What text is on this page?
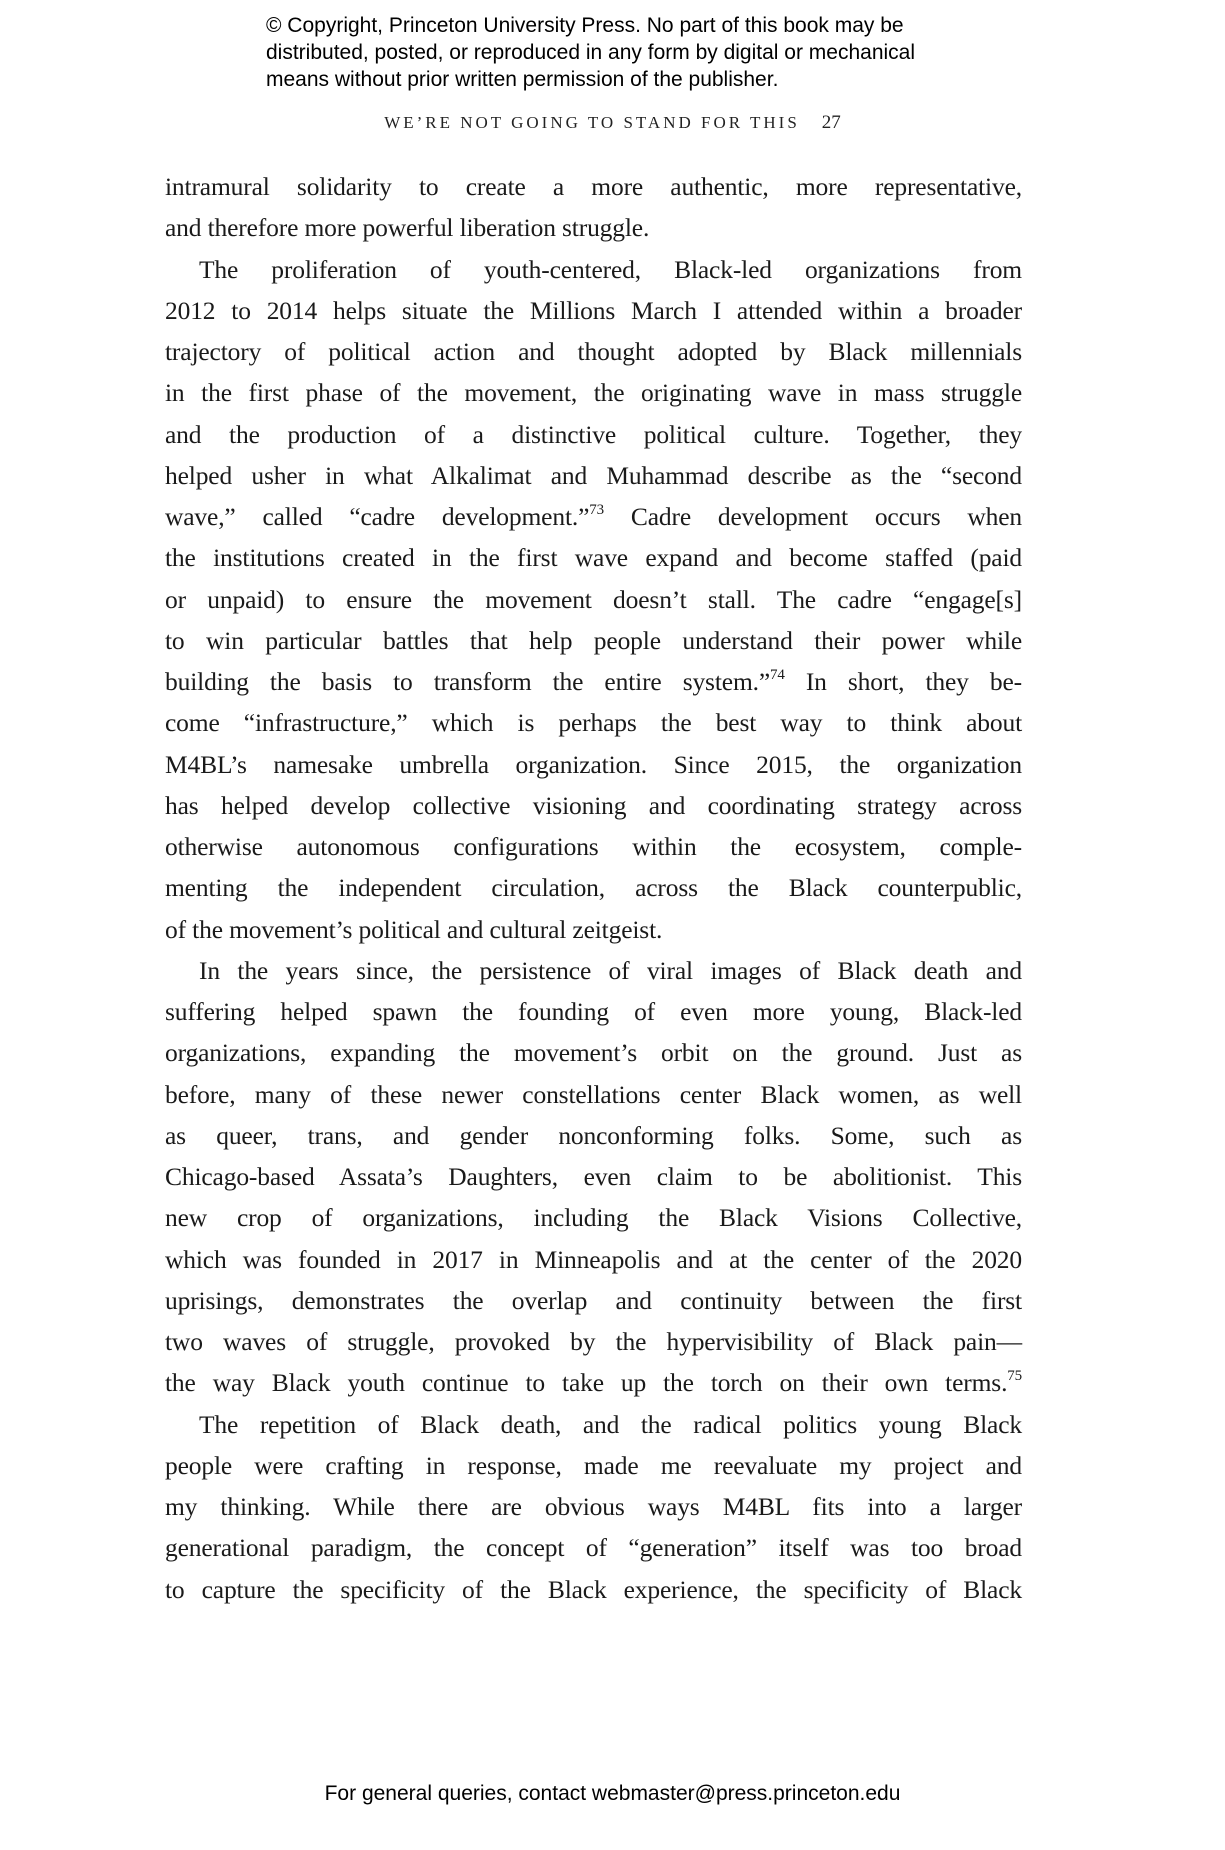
© Copyright, Princeton University Press. No part of this book may be
distributed, posted, or reproduced in any form by digital or mechanical
means without prior written permission of the publisher.
WE’RE NOT GOING TO STAND FOR THIS 27
intramural solidarity to create a more authentic, more representative,
and therefore more powerful liberation struggle.
The proliferation of youth-centered, Black-led organizations from
2012 to 2014 helps situate the Millions March I attended within a broader
trajectory of political action and thought adopted by Black millennials
in the first phase of the movement, the originating wave in mass struggle
and the production of a distinctive political culture. Together, they
helped usher in what Alkalimat and Muhammad describe as the “second
wave,” called “cadre development.”$^{73}$ Cadre development occurs when
the institutions created in the first wave expand and become staffed (paid
or unpaid) to ensure the movement doesn’t stall. The cadre “engage[s]
to win particular battles that help people understand their power while
building the basis to transform the entire system.”$^{74}$ In short, they be-
come “infrastructure,” which is perhaps the best way to think about
M4BL’s namesake umbrella organization. Since 2015, the organization
has helped develop collective visioning and coordinating strategy across
otherwise autonomous configurations within the ecosystem, comple-
menting the independent circulation, across the Black counterpublic,
of the movement’s political and cultural zeitgeist.
In the years since, the persistence of viral images of Black death and
suffering helped spawn the founding of even more young, Black-led
organizations, expanding the movement’s orbit on the ground. Just as
before, many of these newer constellations center Black women, as well
as queer, trans, and gender nonconforming folks. Some, such as
Chicago-based Assata’s Daughters, even claim to be abolitionist. This
new crop of organizations, including the Black Visions Collective,
which was founded in 2017 in Minneapolis and at the center of the 2020
uprisings, demonstrates the overlap and continuity between the first
two waves of struggle, provoked by the hypervisibility of Black pain—
the way Black youth continue to take up the torch on their own terms.$^{75}$
The repetition of Black death, and the radical politics young Black
people were crafting in response, made me reevaluate my project and
my thinking. While there are obvious ways M4BL fits into a larger
generational paradigm, the concept of “generation” itself was too broad
to capture the specificity of the Black experience, the specificity of Black
For general queries, contact webmaster@press.princeton.edu
